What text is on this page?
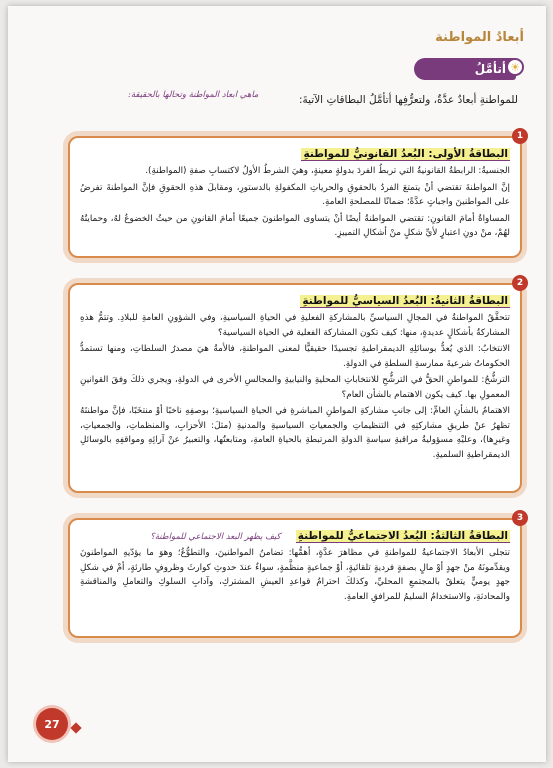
أبعادُ المواطنة
☀
أتأمَّلُ
للمواطنةِ أبعادٌ عدَّةٌ، ولتعرُّفِها أتأمَّلُ البطاقاتِ الآتيةَ:
ماهي ابعاد المواطنة وتحالها بالحقيقة:
1
البطاقةُ الأولى: البُعدُ القانونيُّ للمواطنةِ

الجنسيةُ: الرابطةُ القانونيةُ التي تربطُ الفردَ بدولةٍ معينةٍ، وهيَ الشرطُ الأولُ لاكتسابِ صفةِ (المواطنةِ).

إنَّ المواطنةَ تقتضي أنْ يتمتعَ الفردُ بالحقوقِ والحرياتِ المكفولةِ بالدستورِ، ومقابلَ هذهِ الحقوقِ فإنَّ المواطنةَ تفرضُ على المواطنينَ واجباتٍ عدَّةً؛ ضمانًا للمصلحةِ العامةِ.

المساواةُ أمامَ القانونِ: تقتضي المواطنةُ أيضًا أنْ يتساوى المواطنونَ جميعًا أمامَ القانونِ من حيثُ الخضوعُ لهُ، وحمايتُهُ لهُمْ، منْ دونِ اعتبارٍ لأيِّ شكلٍ منْ أشكالِ التمييزِ.

2
البطاقةُ الثانيةُ: البُعدُ السياسيُّ للمواطنةِ

تتحقَّقُ المواطنةُ في المجالِ السياسيِّ بالمشاركةِ الفعليةِ في الحياةِ السياسيةِ، وفي الشؤونِ العامةِ للبلادِ. وتتمُّ هذهِ المشاركةُ بأشكالٍ عديدةٍ، منها: كيف تكون المشاركة الفعلية في الحياة السياسية؟

الانتخابُ: الذي يُعدُّ بوسائلِهِ الديمقراطيةِ تجسيدًا حقيقيًّا لمعنى المواطنةِ، فالأمةُ هيَ مصدرُ السلطاتِ، ومنها تستمدُّ الحكوماتُ شرعيةَ ممارسةِ السلطةِ في الدولةِ.

الترشُّحُ: للمواطنِ الحقُّ في الترشُّحِ للانتخاباتِ المحليةِ والنيابيةِ والمجالسِ الأخرى في الدولةِ، ويجري ذلكَ وفقَ القوانينِ المعمولِ بها. كيف يكون الاهتمام بالشأن العام؟

الاهتمامُ بالشأنِ العامِّ: إلى جانبِ مشاركةِ المواطنِ المباشرةِ في الحياةِ السياسيةِ؛ بوصفِهِ ناخبًا أوْ منتخَبًا، فإنَّ مواطنتَهُ تظهرُ عنْ طريقِ مشاركتِهِ في التنظيماتِ والجمعياتِ السياسيةِ والمدنيةِ (مثلَ: الأحزابِ، والمنظماتِ، والجمعياتِ، وغيرِها)، وعليْهِ مسؤوليةُ مراقبةِ سياسةِ الدولةِ المرتبطةِ بالحياةِ العامةِ، ومتابعتُها، والتعبيرُ عنْ آرائِهِ ومواقفِهِ بالوسائلِ الديمقراطيةِ السلميةِ.

3
البطاقةُ الثالثةُ: البُعدُ الاجتماعيُّ للمواطنةِ كيف يظهر البعد الاجتماعي للمواطنة؟

تتجلى الأبعادُ الاجتماعيةُ للمواطنةِ في مظاهرَ عدَّةٍ، أهمُّها: تضامنُ المواطنينَ، والتطوُّعُ؛ وهوَ ما يؤدّيهِ المواطنونَ ويقدِّمونَهُ منْ جهدٍ أوْ مالٍ بصفةٍ فرديةٍ تلقائيةٍ، أوْ جماعيةٍ منظَّمةٍ، سواءٌ عندَ حدوثِ كوارثَ وظروفٍ طارئةٍ، أمْ في شكلِ جهدٍ يوميٍّ يتعلقُ بالمجتمعِ المحليِّ، وكذلكَ احترامُ قواعدِ العيشِ المشتركِ، وآدابِ السلوكِ والتعاملِ والمناقشةِ والمحادثةِ، والاستخدامُ السليمُ للمرافقِ العامةِ.

27
